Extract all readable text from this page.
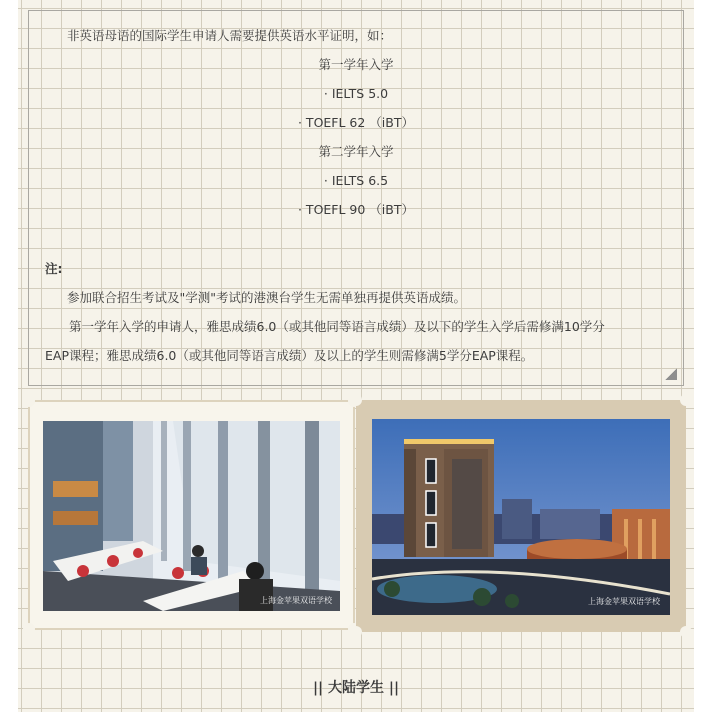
非英语母语的国际学生申请人需要提供英语水平证明，如：
第一学年入学
· IELTS 5.0
· TOEFL 62 （iBT）
第二学年入学
· IELTS 6.5
· TOEFL 90 （iBT）
注:
参加联合招生考试及"学测"考试的港澳台学生无需单独再提供英语成绩。
第一学年入学的申请人，雅思成绩6.0（或其他同等语言成绩）及以下的学生入学后需修满10学分
EAP课程；雅思成绩6.0（或其他同等语言成绩）及以上的学生则需修满5学分EAP课程。
上海金苹果双语学校	上海金苹果双语学校
|| 大陆学生 ||
